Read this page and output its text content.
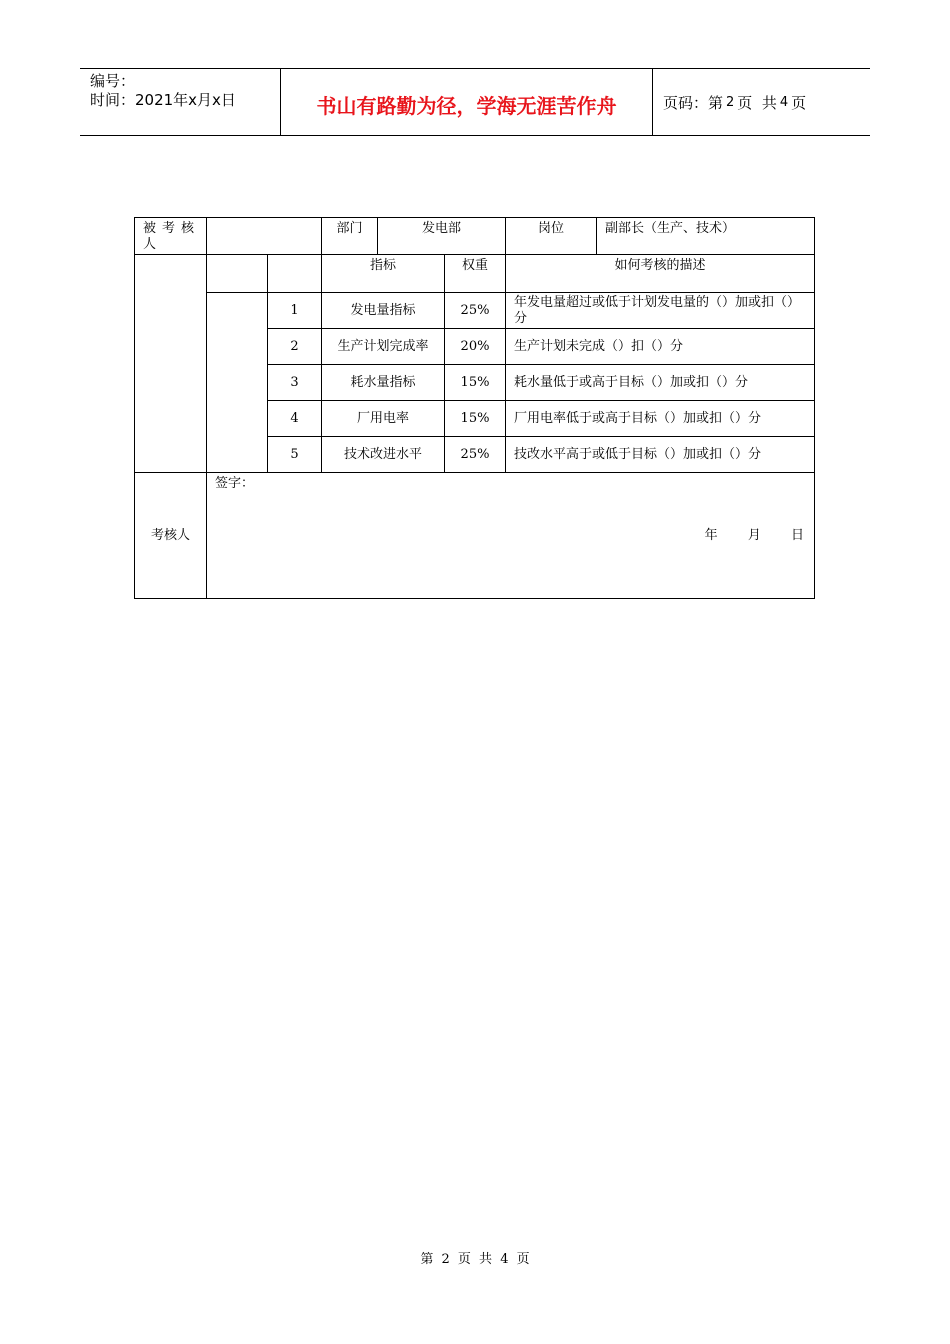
编号：
时间：2021年x月x日	书山有路勤为径，学海无涯苦作舟	页码：第 2 页  共 4 页
被考核人			部门	发电部		岗位	副部长（生产、技术）
			指标		权重	如何考核的描述	
		1	发电量指标		25%	年发电量超过或低于计划发电量的（）加或扣（）分	
		2	生产计划完成率		20%	生产计划未完成（）扣（）分	
		3	耗水量指标		15%	耗水量低于或高于目标（）加或扣（）分	
		4	厂用电率		15%	厂用电率低于或高于目标（）加或扣（）分	
		5	技术改进水平		25%	技改水平高于或低于目标（）加或扣（）分	
考核人	签字：
年 月 日						
第 2 页 共 4 页
